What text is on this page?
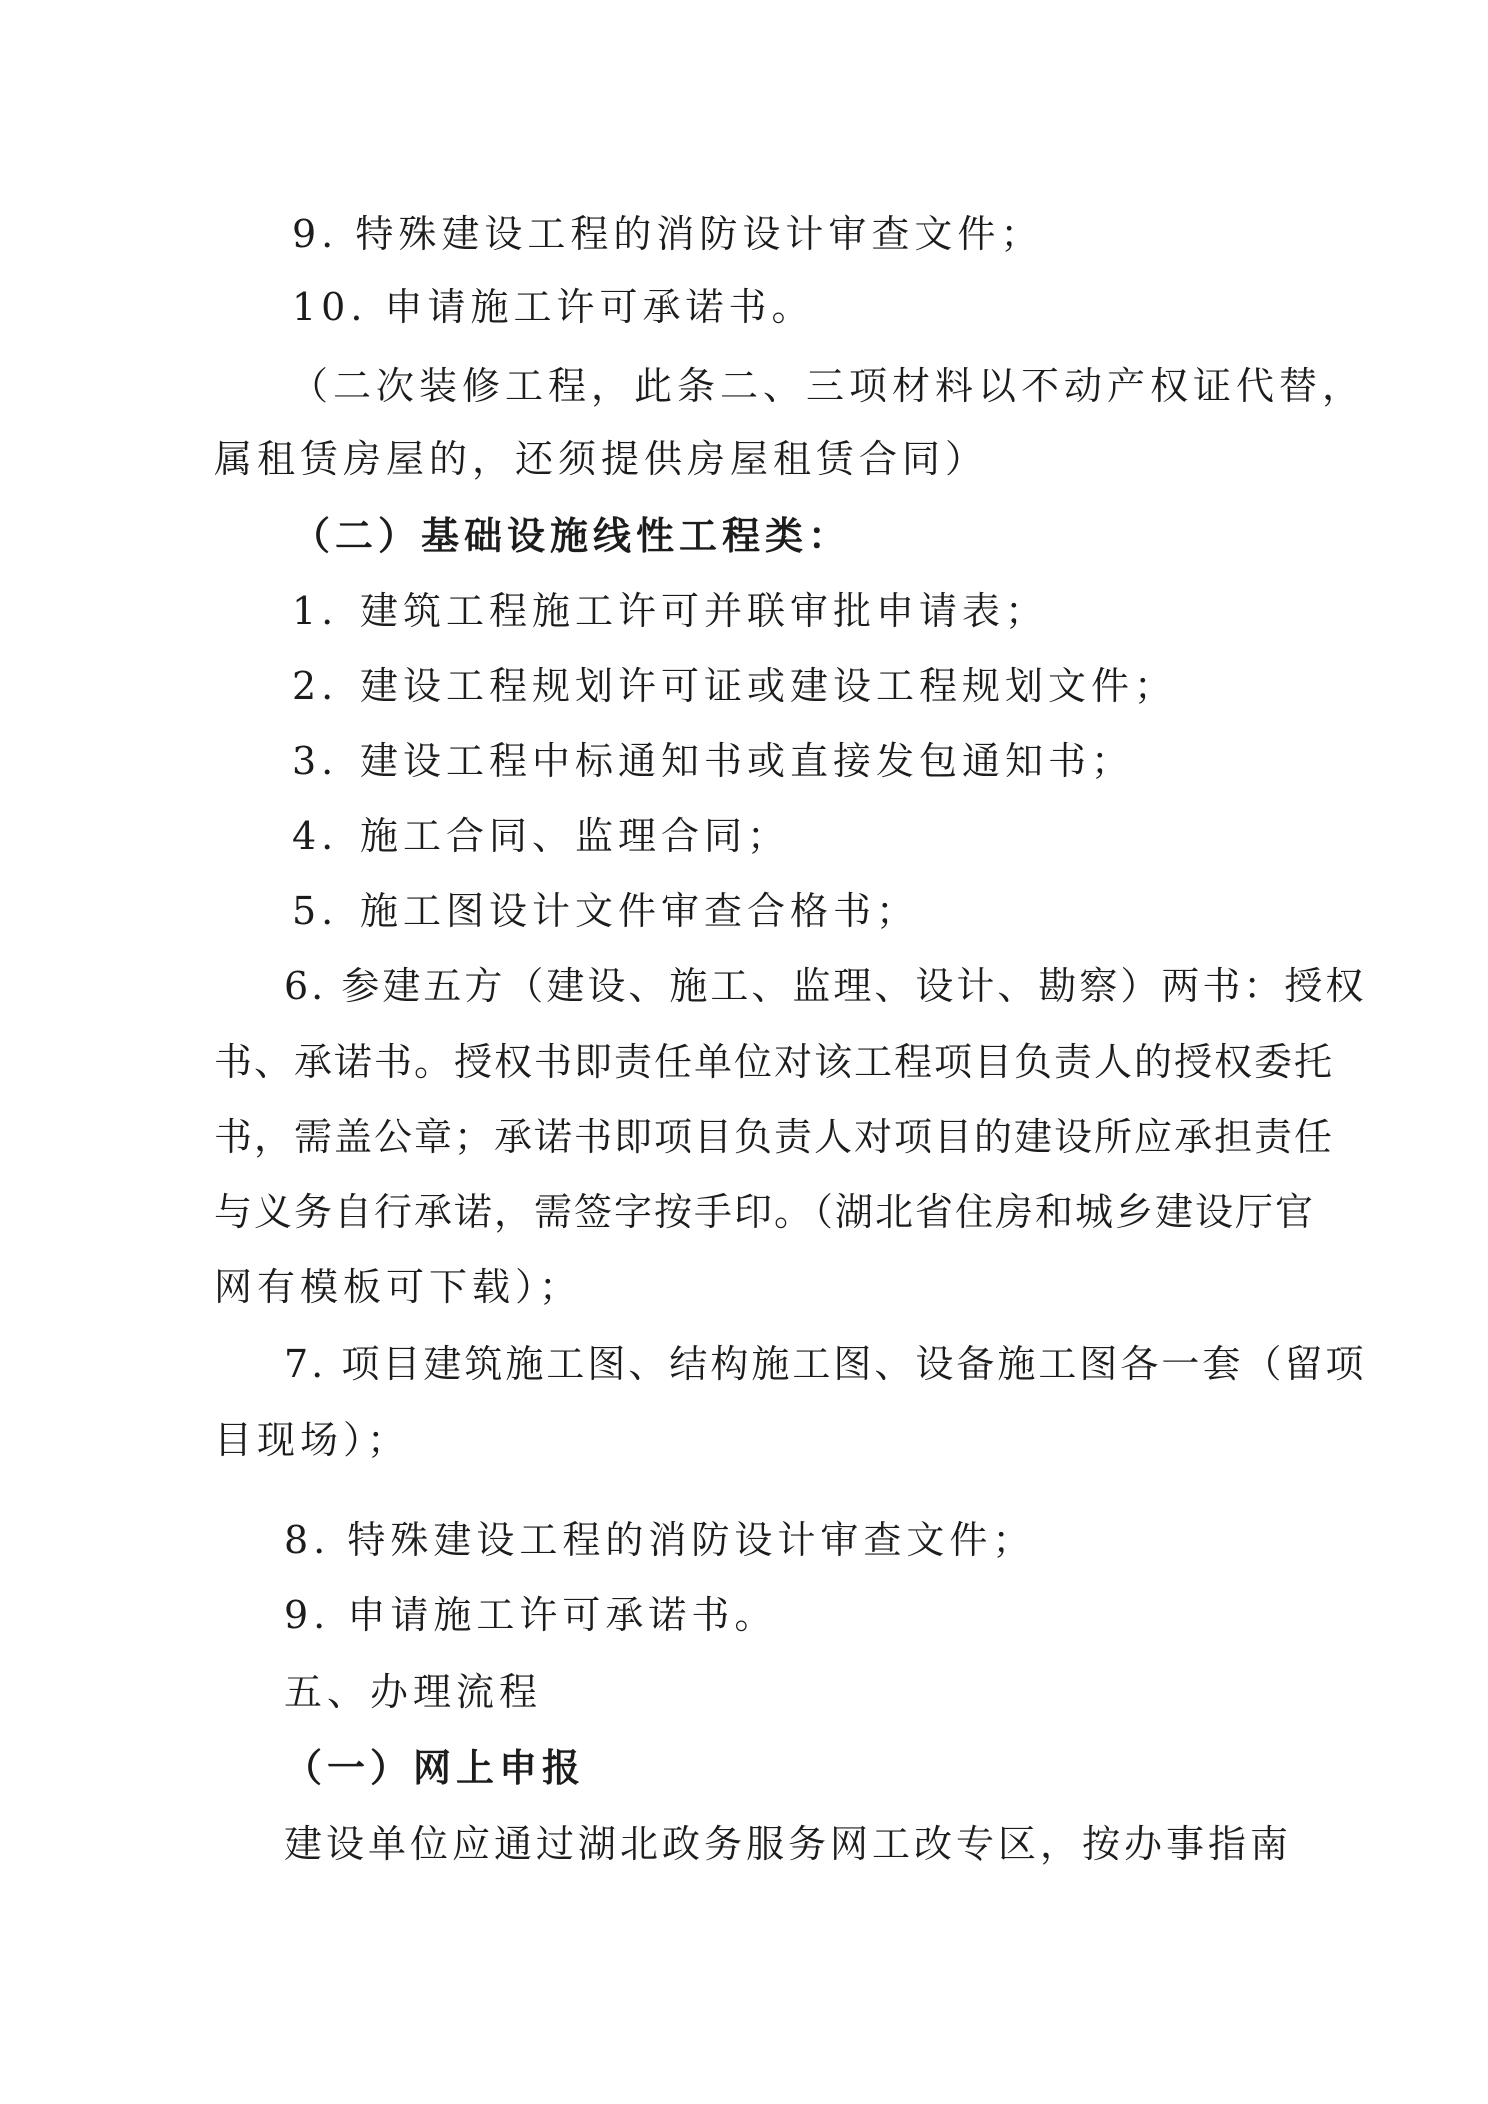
9. 特殊建设工程的消防设计审查文件；
10. 申请施工许可承诺书。
（二次装修工程，此条二、三项材料以不动产权证代替，
属租赁房屋的，还须提供房屋租赁合同）
（二）基础设施线性工程类：
1. 建筑工程施工许可并联审批申请表；
2. 建设工程规划许可证或建设工程规划文件；
3. 建设工程中标通知书或直接发包通知书；
4. 施工合同、监理合同；
5. 施工图设计文件审查合格书；
6. 参建五方（建设、施工、监理、设计、勘察）两书：授权
书、承诺书。授权书即责任单位对该工程项目负责人的授权委托
书，需盖公章；承诺书即项目负责人对项目的建设所应承担责任
与义务自行承诺，需签字按手印。（湖北省住房和城乡建设厅官
网有模板可下载）；
7. 项目建筑施工图、结构施工图、设备施工图各一套（留项
目现场）；
8. 特殊建设工程的消防设计审查文件；
9. 申请施工许可承诺书。
五、办理流程
（一）网上申报
建设单位应通过湖北政务服务网工改专区，按办事指南
